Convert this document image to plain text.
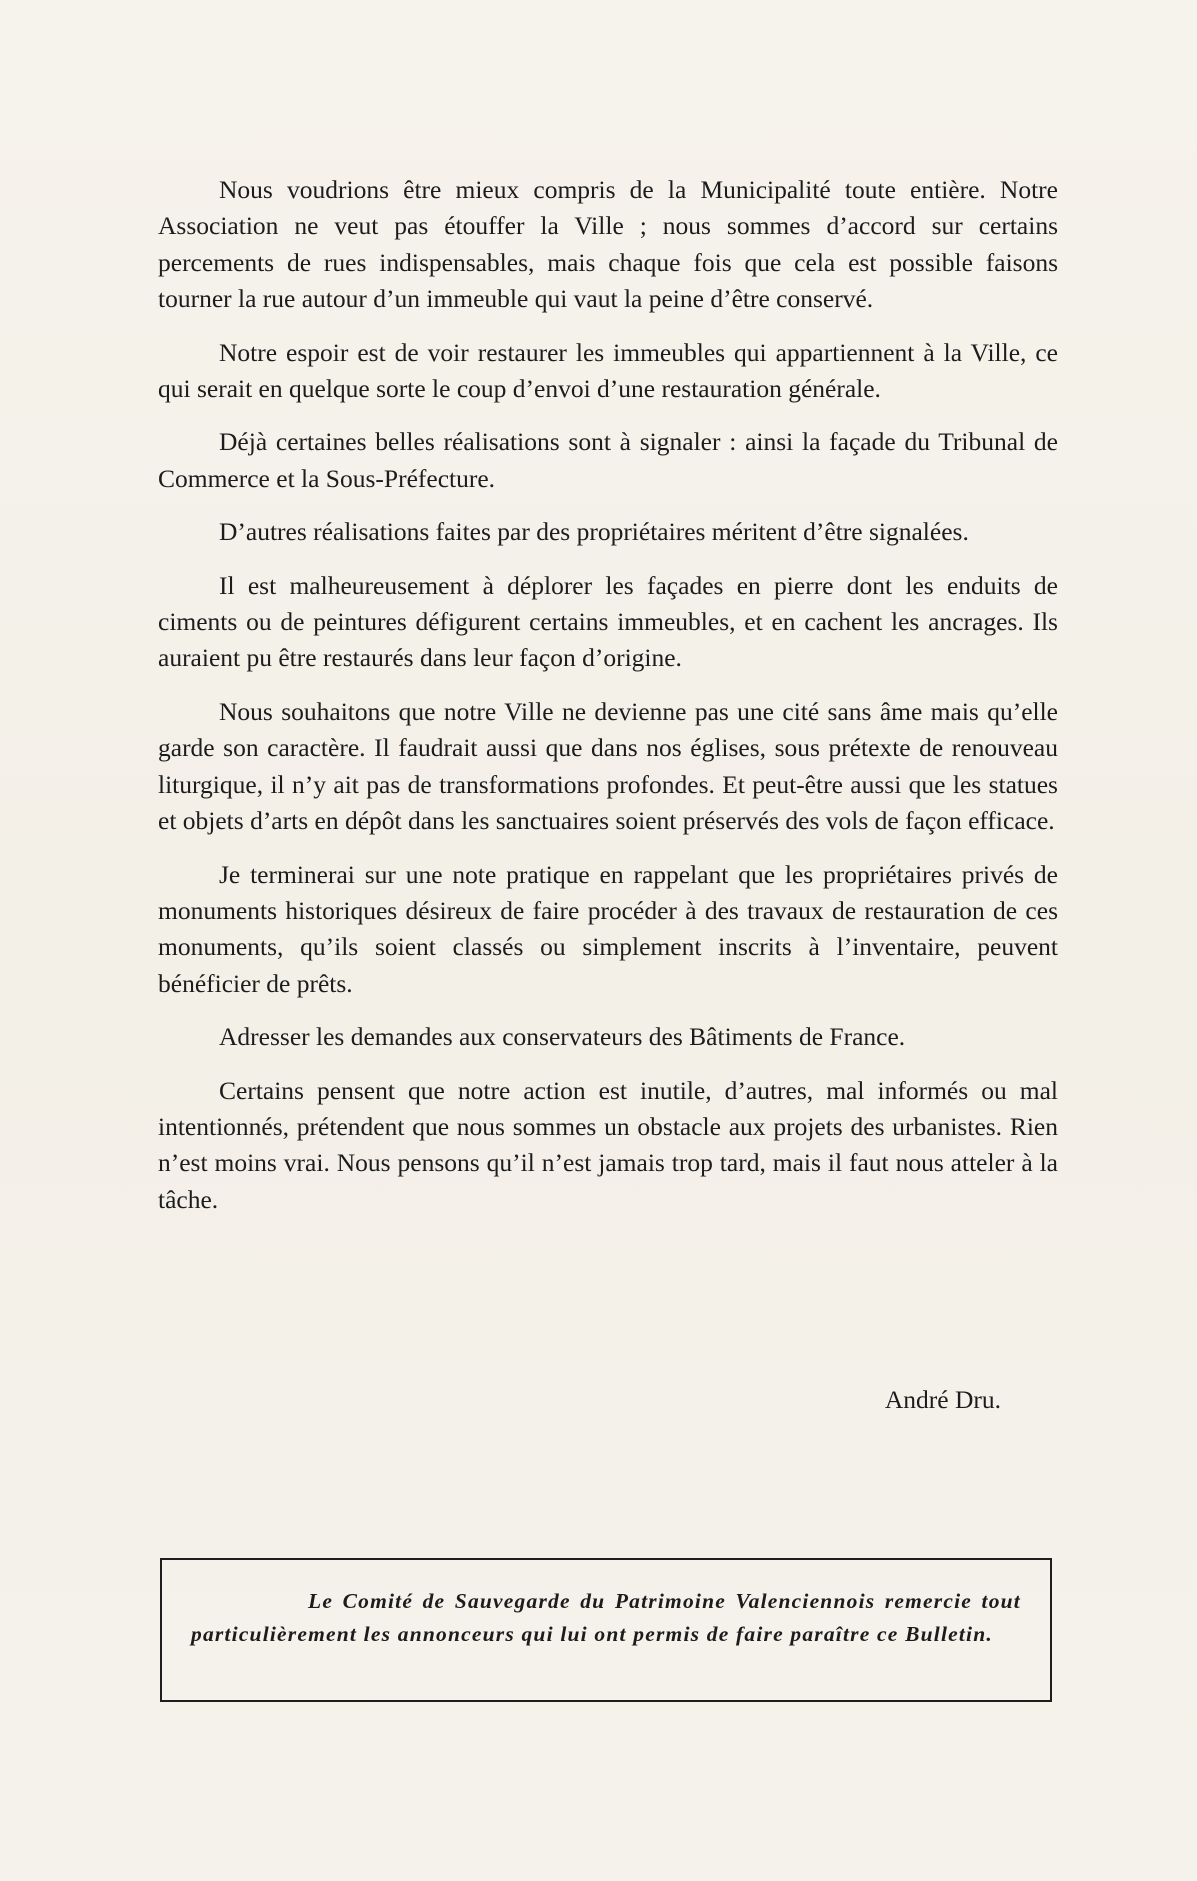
Nous voudrions être mieux compris de la Municipalité toute entière. Notre Association ne veut pas étouffer la Ville ; nous sommes d’accord sur certains percements de rues indispensables, mais chaque fois que cela est possible faisons tourner la rue autour d’un immeuble qui vaut la peine d’être conservé.

Notre espoir est de voir restaurer les immeubles qui appartiennent à la Ville, ce qui serait en quelque sorte le coup d’envoi d’une restauration générale.

Déjà certaines belles réalisations sont à signaler : ainsi la façade du Tribunal de Commerce et la Sous-Préfecture.

D’autres réalisations faites par des propriétaires méritent d’être signalées.

Il est malheureusement à déplorer les façades en pierre dont les enduits de ciments ou de peintures défigurent certains immeubles, et en cachent les ancrages. Ils auraient pu être restaurés dans leur façon d’origine.

Nous souhaitons que notre Ville ne devienne pas une cité sans âme mais qu’elle garde son caractère. Il faudrait aussi que dans nos églises, sous prétexte de renouveau liturgique, il n’y ait pas de transformations profondes. Et peut-être aussi que les statues et objets d’arts en dépôt dans les sanctuaires soient préservés des vols de façon efficace.

Je terminerai sur une note pratique en rappelant que les propriétaires privés de monuments historiques désireux de faire procéder à des travaux de restauration de ces monuments, qu’ils soient classés ou simplement inscrits à l’inventaire, peuvent bénéficier de prêts.

Adresser les demandes aux conservateurs des Bâtiments de France.

Certains pensent que notre action est inutile, d’autres, mal informés ou mal intentionnés, prétendent que nous sommes un obstacle aux projets des urbanistes. Rien n’est moins vrai. Nous pensons qu’il n’est jamais trop tard, mais il faut nous atteler à la tâche.

André Dru.

Le Comité de Sauvegarde du Patrimoine Valenciennois remercie tout particulièrement les annonceurs qui lui ont permis de faire paraître ce Bulletin.
